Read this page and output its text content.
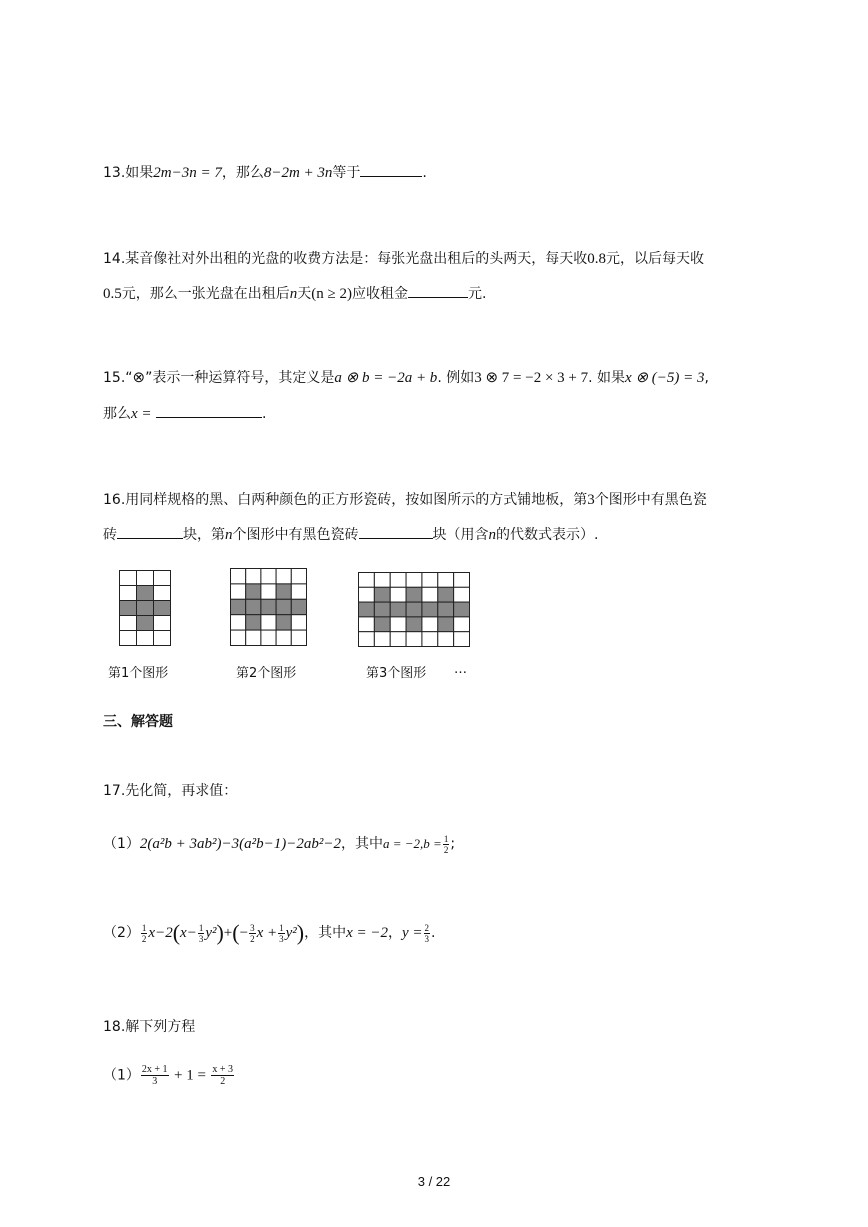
13.如果2m−3n = 7，那么8−2m + 3n等于	.
14.某音像社对外出租的光盘的收费方法是：每张光盘出租后的头两天，每天收0.8元，以后每天收
0.5元，那么一张光盘在出租后n天(n ≥ 2)应收租金	元.
15.“⊗”表示一种运算符号，其定义是a ⊗ b = −2a + b. 例如3 ⊗ 7 = −2 × 3 + 7. 如果x ⊗ (−5) = 3,
那么x =	.
16.用同样规格的黑、白两种颜色的正方形瓷砖，按如图所示的方式铺地板，第3个图形中有黑色瓷
砖	块，第n个图形中有黑色瓷砖	块（用含n的代数式表示）.
第1个图形	第2个图形	第3个图形 …
三、解答题
17.先化简，再求值：
（1）2(a²b + 3ab²)−3(a²b−1)−2ab²−2，其中$a = -2,b = \frac{1}{2}$ ;
$(2) \frac{1}{2} x-2(x- \frac{1}{3} y^2)+(- \frac{3}{2}$ $x + \frac{1}{3} y^2$)，其中x = −2，$y = \frac{2}{3}$ .
18.解下列方程
$(1) \frac{2x + 1}{3} + 1 = \frac{x + 3}{2}$
3 / 22
